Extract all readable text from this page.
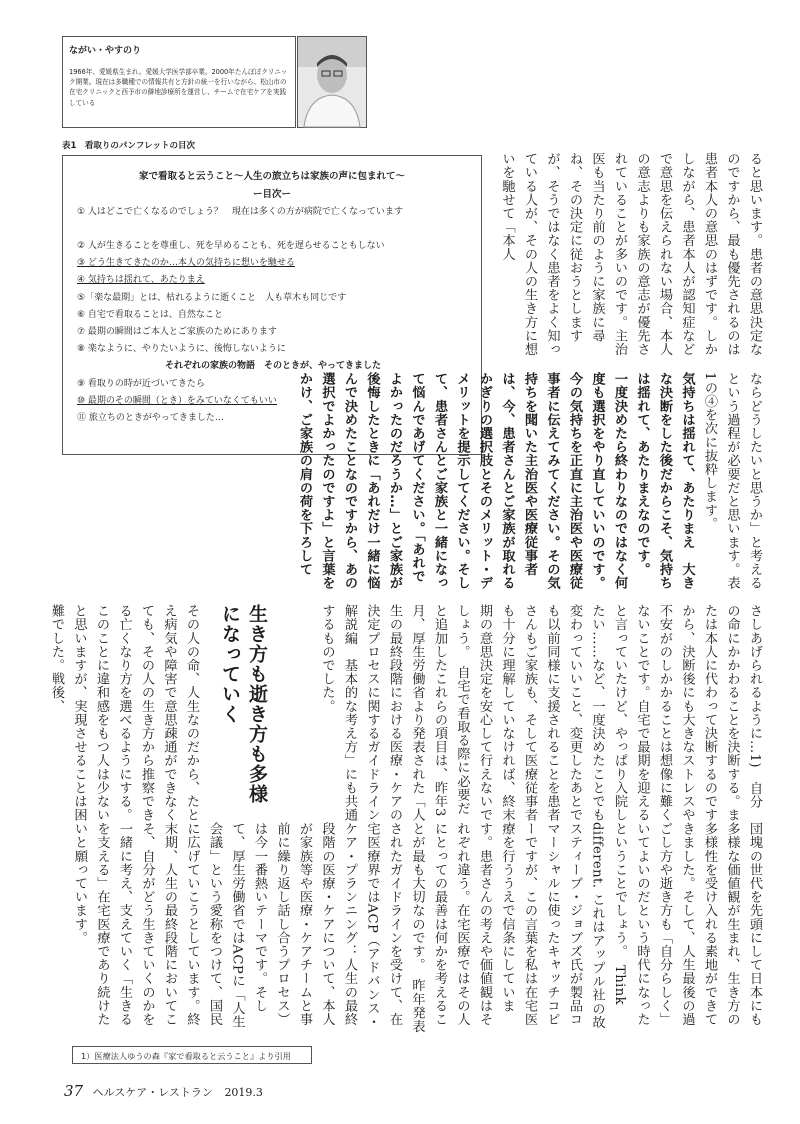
ながい・やすのり
1966年、愛媛県生まれ。愛媛大学医学部卒業。2000年たんぽぽクリニック開業。現在は多職種での情報共有と方針の統一を行いながら、松山市の在宅クリニックと西予市の僻地診療所を運営し、チームで在宅ケアを実践している
表1　看取りのパンフレットの目次
家で看取ると云うこと～人生の旅立ちは家族の声に包まれて～
ー目次ー
① 人はどこで亡くなるのでしょう？　現在は多くの方が病院で亡くなっています
② 人が生きることを尊重し、死を早めることも、死を遅らせることもしない
③ どう生きてきたのか…本人の気持ちに想いを馳せる
④ 気持ちは揺れて、あたりまえ
⑤「楽な最期」とは、枯れるように逝くこと　人も草木も同じです
⑥ 自宅で看取ることは、自然なこと
⑦ 最期の瞬間はご本人とご家族のためにあります
⑧ 楽なように、やりたいように、後悔しないように
それぞれの家族の物語　そのときが、やってきました
⑨ 看取りの時が近づいてきたら
⑩ 最期のその瞬間（とき）をみていなくてもいい
⑪ 旅立ちのときがやってきました…

ると思います。患者の意思決定なのですから、最も優先されるのは患者本人の意思のはずです。しかしながら、患者本人が認知症などで意思を伝えられない場合、本人の意志よりも家族の意志が優先されていることが多いのです。主治医も当たり前のように家族に尋ね、その決定に従おうとしますが、そうではなく患者をよく知っている人が、その人の生き方に想いを馳せて「本人

ならどうしたいと思うか」と考えるという過程が必要だと思います。表1の④を次に抜粋します。

気持ちは揺れて、あたりまえ　大きな決断をした後だからこそ、気持ちは揺れて、あたりまえなのです。　一度決めたら終わりなのではなく何度も選択をやり直していいのです。今の気持ちを正直に主治医や医療従事者に伝えてみてください。その気持ちを聞いた主治医や医療従事者は、今、患者さんとご家族が取れるかぎりの選択肢とそのメリット・デメリットを提示してください。そして、患者さんとご家族と一緒になって悩んであげてください。「あれでよかったのだろうか…」とご家族が後悔したときに「あれだけ一緒に悩んで決めたことなのですから、あの選択でよかったのですよ」と言葉をかけ、ご家族の肩の荷を下ろして

さしあげられるように…1)　自分の命にかかわることを決断する。または本人に代わって決断するのですから、決断後にも大きなストレスや不安がのしかかることは想像に難くないことです。自宅で最期を迎えると言っていたけど、やっぱり入院したい……など、一度決めたことでも変わっていいこと、変更したあとでも以前同様に支援されることを患者さんもご家族も、そして医療従事者も十分に理解していなければ、終末期の意思決定を安心して行えないでしょう。　自宅で看取る際に必要だと追加したこれらの項目は、昨年3月、厚生労働省より発表された「人生の最終段階における医療・ケアの決定プロセスに関するガイドライン解説編　基本的な考え方」にも共通するものでした。

生き方も逝き方も多様になっていく

その人の命、人生なのだから、たとえ病気や障害で意思疎通ができなくても、その人の生き方から推察できる亡くなり方を選べるようにする。このことに違和感をもつ人は少ないと思いますが、実現させることは困難でした。戦後、

団塊の世代を先頭にして日本にも多様な価値観が生まれ、生き方の多様性を受け入れる素地ができてきました。そして、人生最後の過ごし方や逝き方も「自分らしく」いてよいのだという時代になったということでしょう。　Think different. これはアップル社の故スティーブ・ジョブズ氏が製品コマーシャルに使ったキャッチコピーですが、この言葉を私は在宅医療を行ううえで信条にしています。患者さんの考えや価値観はそれぞれ違う。在宅医療ではその人にとっての最善は何かを考えることが最も大切なのです。　昨年発表されたガイドラインを受けて、在宅医療界ではACP（アドバンス・ケア・プランニング：人生の最終段階の医療・ケアについて、本人が家族等や医療・ケアチームと事前に繰り返し話し合うプロセス）は今一番熱いテーマです。そして、厚生労働省ではACPに「人生会議」という愛称をつけて、国民に広げていこうとしています。終末期、人生の最終段階においてこそ、自分がどう生きていくのかを一緒に考え、支えていく「生きるを支える」在宅医療であり続けたいと願っています。

1）医療法人ゆうの森『家で看取ると云うこと』より引用
37 ヘルスケア・レストラン 2019.3
